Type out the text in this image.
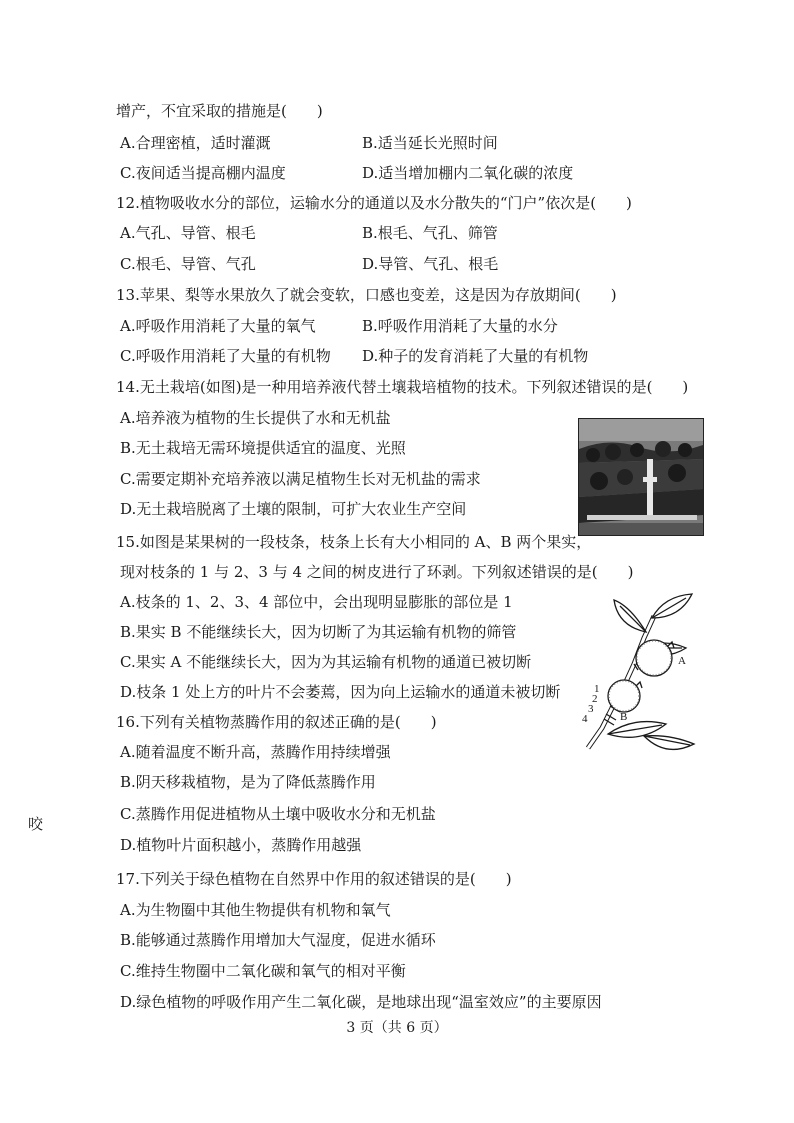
增产，不宜采取的措施是(　　)
A.合理密植，适时灌溉	B.适当延长光照时间
C.夜间适当提高棚内温度	D.适当增加棚内二氧化碳的浓度
12.植物吸收水分的部位，运输水分的通道以及水分散失的“门户”依次是(　　)
A.气孔、导管、根毛	B.根毛、气孔、筛管
C.根毛、导管、气孔	D.导管、气孔、根毛
13.苹果、梨等水果放久了就会变软，口感也变差，这是因为存放期间(　　)
A.呼吸作用消耗了大量的氧气	B.呼吸作用消耗了大量的水分
C.呼吸作用消耗了大量的有机物 D.种子的发育消耗了大量的有机物
14.无土栽培(如图)是一种用培养液代替土壤栽培植物的技术。下列叙述错误的是(　　)
A.培养液为植物的生长提供了水和无机盐
B.无土栽培无需环境提供适宜的温度、光照
C.需要定期补充培养液以满足植物生长对无机盐的需求
D.无土栽培脱离了土壤的限制，可扩大农业生产空间
15.如图是某果树的一段枝条，枝条上长有大小相同的 A、B 两个果实，
现对枝条的 1 与 2、3 与 4 之间的树皮进行了环剥。下列叙述错误的是(　　)
A.枝条的 1、2、3、4 部位中，会出现明显膨胀的部位是 1
B.果实 B 不能继续长大，因为切断了为其运输有机物的筛管
C.果实 A 不能继续长大，因为为其运输有机物的通道已被切断
D.枝条 1 处上方的叶片不会萎蔫，因为向上运输水的通道未被切断
A
1
2
3
4	B
16.下列有关植物蒸腾作用的叙述正确的是(　　)
A.随着温度不断升高，蒸腾作用持续增强
B.阴天移栽植物，是为了降低蒸腾作用
C.蒸腾作用促进植物从土壤中吸收水分和无机盐
D.植物叶片面积越小，蒸腾作用越强
咬
17.下列关于绿色植物在自然界中作用的叙述错误的是(　　)
A.为生物圈中其他生物提供有机物和氧气
B.能够通过蒸腾作用增加大气湿度，促进水循环
C.维持生物圈中二氧化碳和氧气的相对平衡
D.绿色植物的呼吸作用产生二氧化碳，是地球出现“温室效应”的主要原因
3 页（共 6 页）
